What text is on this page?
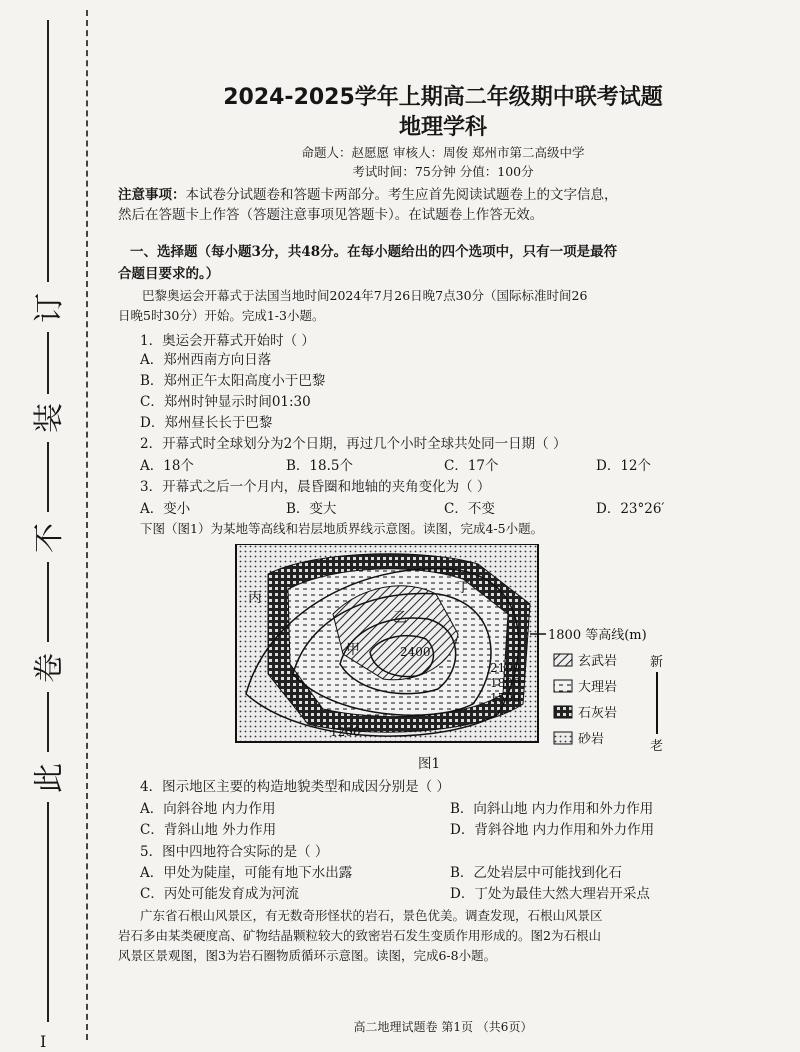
订
装
不
卷
此
I
2024-2025学年上期高二年级期中联考试题
地理学科
命题人：赵愿愿 审核人：周俊 郑州市第二高级中学
考试时间：75分钟 分值：100分
注意事项：本试卷分试题卷和答题卡两部分。考生应首先阅读试题卷上的文字信息，
然后在答题卡上作答（答题注意事项见答题卡）。在试题卷上作答无效。
一、选择题（每小题3分，共48分。在每小题给出的四个选项中，只有一项是最符
合题目要求的。）
巴黎奥运会开幕式于法国当地时间2024年7月26日晚7点30分（国际标准时间26
日晚5时30分）开始。完成1-3小题。
1．奥运会开幕式开始时（ ）
A．郑州西南方向日落
B．郑州正午太阳高度小于巴黎
C．郑州时钟显示时间01:30
D．郑州昼长长于巴黎
2．开幕式时全球划分为2个日期，再过几个小时全球共处同一日期（ ）
A．18个	B．18.5个	C．17个	D．12个
3．开幕式之后一个月内，晨昏圈和地轴的夹角变化为（ ）
A．变小	B．变大	C．不变	D．23°26′
下图（图1）为某地等高线和岩层地质界线示意图。读图，完成4-5小题。
图1
4．图示地区主要的构造地貌类型和成因分别是（ ）
A．向斜谷地 内力作用	B．向斜山地 内力作用和外力作用
C．背斜山地 外力作用	D．背斜谷地 内力作用和外力作用
5．图中四地符合实际的是（ ）
A．甲处为陡崖，可能有地下水出露	B．乙处岩层中可能找到化石
C．丙处可能发育成为河流	D．丁处为最佳大然大理岩开采点
广东省石根山风景区，有无数奇形怪状的岩石，景色优美。调查发现，石根山风景区
岩石多由某类硬度高、矿物结晶颗粒较大的致密岩石发生变质作用形成的。图2为石根山
风景区景观图，图3为岩石圈物质循环示意图。读图，完成6-8小题。
高二地理试题卷 第1页 （共6页）
丙
丁
乙
甲	2400
2100
1800
1500
1200
1800 等高线(m)
玄武岩
大理岩
石灰岩
砂岩
新
老
